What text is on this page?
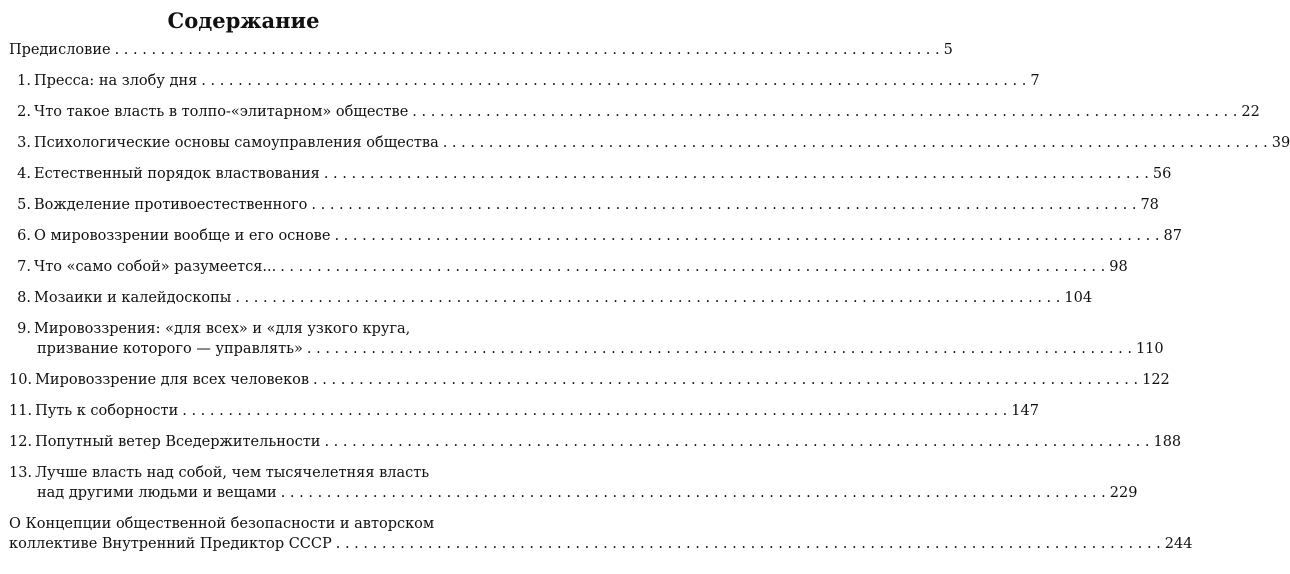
Содержание
Предисловие . . .	5
1. Пресса: на злобу дня . . .	7
2. Что такое власть в толпо-«элитарном» обществе . . .	22
3. Психологические основы самоуправления общества . . .	39
4. Естественный порядок властвования . . .	56
5. Вожделение противоестественного . . .	78
6. О мировоззрении вообще и его основе . . .	87
7. Что «само собой» разумеется... . . .	98
8. Мозаики и калейдоскопы . . .	104
9. Мировоззрения: «для всех» и «для узкого круга,
призвание которого — управлять» . . .	110
10. Мировоззрение для всех человеков . . .	122
11. Путь к соборности . . .	147
12. Попутный ветер Вседержительности . . .	188
13. Лучше власть над собой, чем тысячелетняя власть
над другими людьми и вещами . . .	229
О Концепции общественной безопасности и авторском
коллективе Внутренний Предиктор СССР . . .	244
